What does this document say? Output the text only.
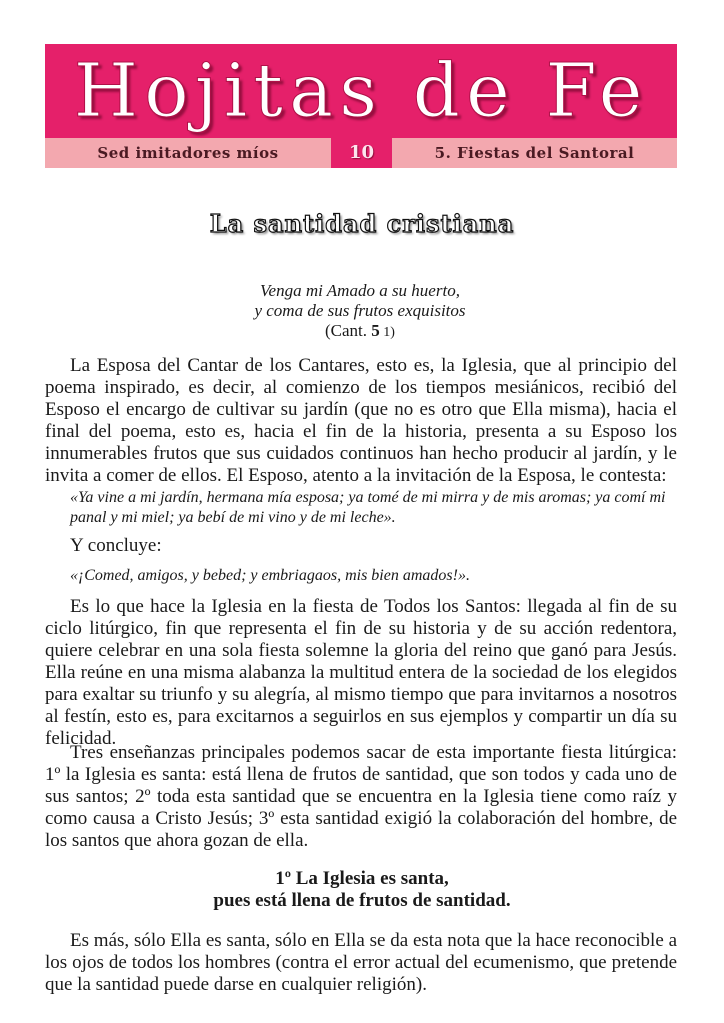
Hojitas de Fe
Sed imitadores míos	10	5. Fiestas del Santoral
La santidad cristiana
Venga mi Amado a su huerto,
y coma de sus frutos exquisitos
(Cant. 5 1)

La Esposa del Cantar de los Cantares, esto es, la Iglesia, que al principio del poema inspirado, es decir, al comienzo de los tiempos mesiánicos, recibió del Esposo el encargo de cultivar su jardín (que no es otro que Ella misma), hacia el final del poema, esto es, hacia el fin de la historia, presenta a su Esposo los innumerables frutos que sus cuidados continuos han hecho producir al jardín, y le invita a comer de ellos. El Esposo, atento a la invitación de la Esposa, le contesta:

«Ya vine a mi jardín, hermana mía esposa; ya tomé de mi mirra y de mis aromas; ya comí mi panal y mi miel; ya bebí de mi vino y de mi leche».

Y concluye:

«¡Comed, amigos, y bebed; y embriagaos, mis bien amados!».

Es lo que hace la Iglesia en la fiesta de Todos los Santos: llegada al fin de su ciclo litúrgico, fin que representa el fin de su historia y de su acción redentora, quiere celebrar en una sola fiesta solemne la gloria del reino que ganó para Jesús. Ella reúne en una misma alabanza la multitud entera de la sociedad de los elegidos para exaltar su triunfo y su alegría, al mismo tiempo que para invitarnos a nosotros al festín, esto es, para excitarnos a seguirlos en sus ejemplos y compartir un día su felicidad.

Tres enseñanzas principales podemos sacar de esta importante fiesta litúrgica: 1º la Iglesia es santa: está llena de frutos de santidad, que son todos y cada uno de sus santos; 2º toda esta santidad que se encuentra en la Iglesia tiene como raíz y como causa a Cristo Jesús; 3º esta santidad exigió la colaboración del hombre, de los santos que ahora gozan de ella.

1º La Iglesia es santa,
pues está llena de frutos de santidad.

Es más, sólo Ella es santa, sólo en Ella se da esta nota que la hace reconocible a los ojos de todos los hombres (contra el error actual del ecumenismo, que pretende que la santidad puede darse en cualquier religión).
